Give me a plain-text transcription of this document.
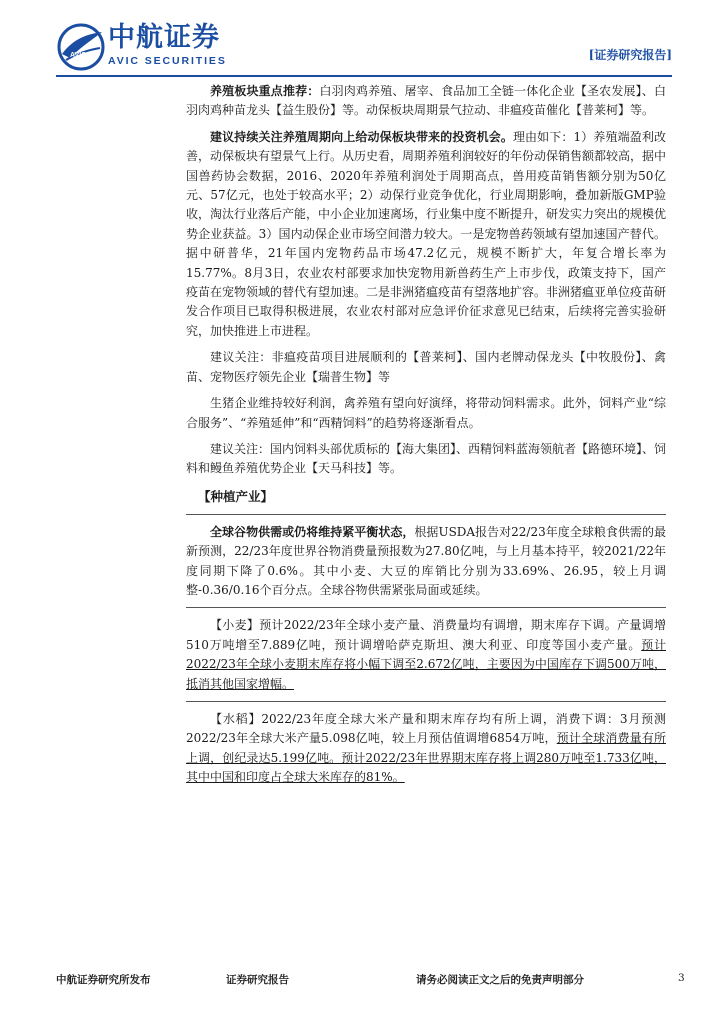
AVIC
中航证券
AVIC SECURITIES	[证券研究报告]

养殖板块重点推荐：白羽肉鸡养殖、屠宰、食品加工全链一体化企业【圣农发展】、白羽肉鸡种苗龙头【益生股份】等。动保板块周期景气拉动、非瘟疫苗催化【普莱柯】等。

建议持续关注养殖周期向上给动保板块带来的投资机会。理由如下：1）养殖端盈利改善，动保板块有望景气上行。从历史看，周期养殖利润较好的年份动保销售额都较高，据中国兽药协会数据，2016、2020年养殖利润处于周期高点，兽用疫苗销售额分别为50亿元、57亿元，也处于较高水平；2）动保行业竞争优化，行业周期影响，叠加新版GMP验收，淘汰行业落后产能，中小企业加速离场，行业集中度不断提升，研发实力突出的规模优势企业获益。3）国内动保企业市场空间潜力较大。一是宠物兽药领域有望加速国产替代。据中研普华，21年国内宠物药品市场47.2亿元，规模不断扩大，年复合增长率为15.77%。8月3日，农业农村部要求加快宠物用新兽药生产上市步伐，政策支持下，国产疫苗在宠物领域的替代有望加速。二是非洲猪瘟疫苗有望落地扩容。非洲猪瘟亚单位疫苗研发合作项目已取得积极进展，农业农村部对应急评价征求意见已结束，后续将完善实验研究，加快推进上市进程。

建议关注：非瘟疫苗项目进展顺利的【普莱柯】、国内老牌动保龙头【中牧股份】、禽苗、宠物医疗领先企业【瑞普生物】等

生猪企业维持较好利润，禽养殖有望向好演绎，将带动饲料需求。此外，饲料产业“综合服务”、“养殖延伸”和“西精饲料”的趋势将逐渐看点。

建议关注：国内饲料头部优质标的【海大集团】、西精饲料蓝海领航者【路德环境】、饲料和鳗鱼养殖优势企业【天马科技】等。

【种植产业】

全球谷物供需或仍将维持紧平衡状态，根据USDA报告对22/23年度全球粮食供需的最新预测，22/23年度世界谷物消费量预报数为27.80亿吨，与上月基本持平，较2021/22年度同期下降了0.6%。其中小麦、大豆的库销比分别为33.69%、26.95，较上月调整-0.36/0.16个百分点。全球谷物供需紧张局面或延续。

【小麦】预计2022/23年全球小麦产量、消费量均有调增，期末库存下调。产量调增510万吨增至7.889亿吨，预计调增哈萨克斯坦、澳大利亚、印度等国小麦产量。预计2022/23年全球小麦期末库存将小幅下调至2.672亿吨，主要因为中国库存下调500万吨，抵消其他国家增幅。

【水稻】2022/23年度全球大米产量和期末库存均有所上调，消费下调：3月预测2022/23年全球大米产量5.098亿吨，较上月预估值调增6854万吨，预计全球消费量有所上调，创纪录达5.199亿吨。预计2022/23年世界期末库存将上调280万吨至1.733亿吨，其中中国和印度占全球大米库存的81%。

中航证券研究所发布	证券研究报告	请务必阅读正文之后的免责声明部分	3
